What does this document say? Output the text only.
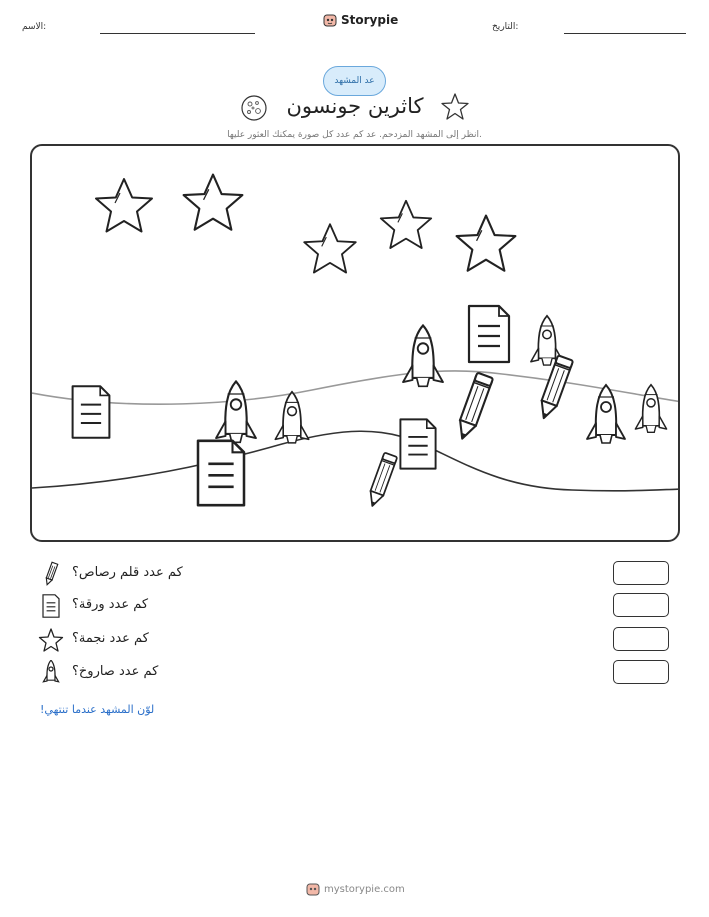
الاسم:	Storypie	التاريخ:
عد المشهد
كاثرين جونسون
انظر إلى المشهد المزدحم. عد كم عدد كل صورة يمكنك العثور عليها.
كم عدد قلم رصاص؟
كم عدد ورقة؟
كم عدد نجمة؟
كم عدد صاروخ؟
لوّن المشهد عندما تنتهي!
mystorypie.com
